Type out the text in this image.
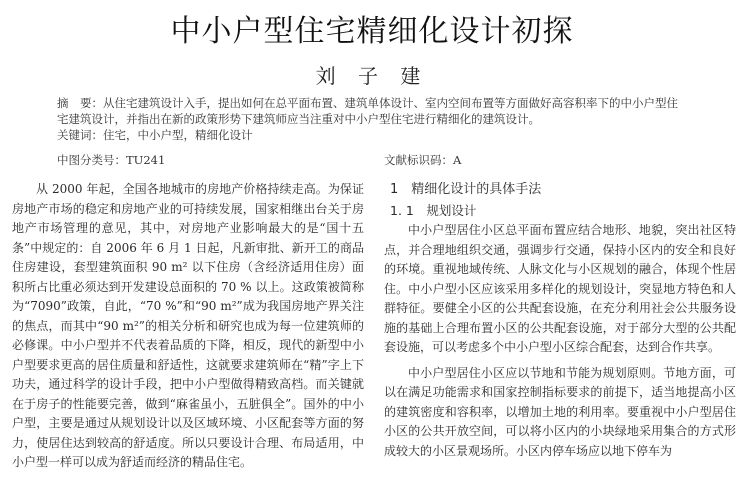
中小户型住宅精细化设计初探
刘 子 建

摘　要：从住宅建筑设计入手，提出如何在总平面布置、建筑单体设计、室内空间布置等方面做好高容积率下的中小户型住宅建筑设计，并指出在新的政策形势下建筑师应当注重对中小户型住宅进行精细化的建筑设计。

关键词：住宅，中小户型，精细化设计

中图分类号：TU241	文献标识码：A

从 2000 年起，全国各地城市的房地产价格持续走高。为保证房地产市场的稳定和房地产业的可持续发展，国家相继出台关于房地产市场管理的意见，其中，对房地产业影响最大的是“国十五条”中规定的：自 2006 年 6 月 1 日起，凡新审批、新开工的商品住房建设，套型建筑面积 90 m² 以下住房（含经济适用住房）面积所占比重必须达到开发建设总面积的 70 % 以上。这政策被简称为“7090”政策，自此，“70 %”和“90 m²”成为我国房地产界关注的焦点，而其中“90 m²”的相关分析和研究也成为每一位建筑师的必修课。中小户型并不代表着品质的下降，相反，现代的新型中小户型要求更高的居住质量和舒适性，这就要求建筑师在“精”字上下功夫，通过科学的设计手段，把中小户型做得精致高档。而关键就在于房子的性能要完善，做到“麻雀虽小，五脏俱全”。国外的中小户型，主要是通过从规划设计以及区域环境、小区配套等方面的努力，使居住达到较高的舒适度。所以只要设计合理、布局适用，中小户型一样可以成为舒适而经济的精品住宅。

1　精细化设计的具体手法
1. 1　规划设计

中小户型居住小区总平面布置应结合地形、地貌，突出社区特点，并合理地组织交通，强调步行交通，保持小区内的安全和良好的环境。重视地域传统、人脉文化与小区规划的融合，体现个性居住。中小户型小区应该采用多样化的规划设计，突显地方特色和人群特征。要健全小区的公共配套设施，在充分利用社会公共服务设施的基础上合理布置小区的公共配套设施，对于部分大型的公共配套设施，可以考虑多个中小户型小区综合配套，达到合作共享。

中小户型居住小区应以节地和节能为规划原则。节地方面，可以在满足功能需求和国家控制指标要求的前提下，适当地提高小区的建筑密度和容积率，以增加土地的利用率。要重视中小户型居住小区的公共开放空间，可以将小区内的小块绿地采用集合的方式形成较大的小区景观场所。小区内停车场应以地下停车为
